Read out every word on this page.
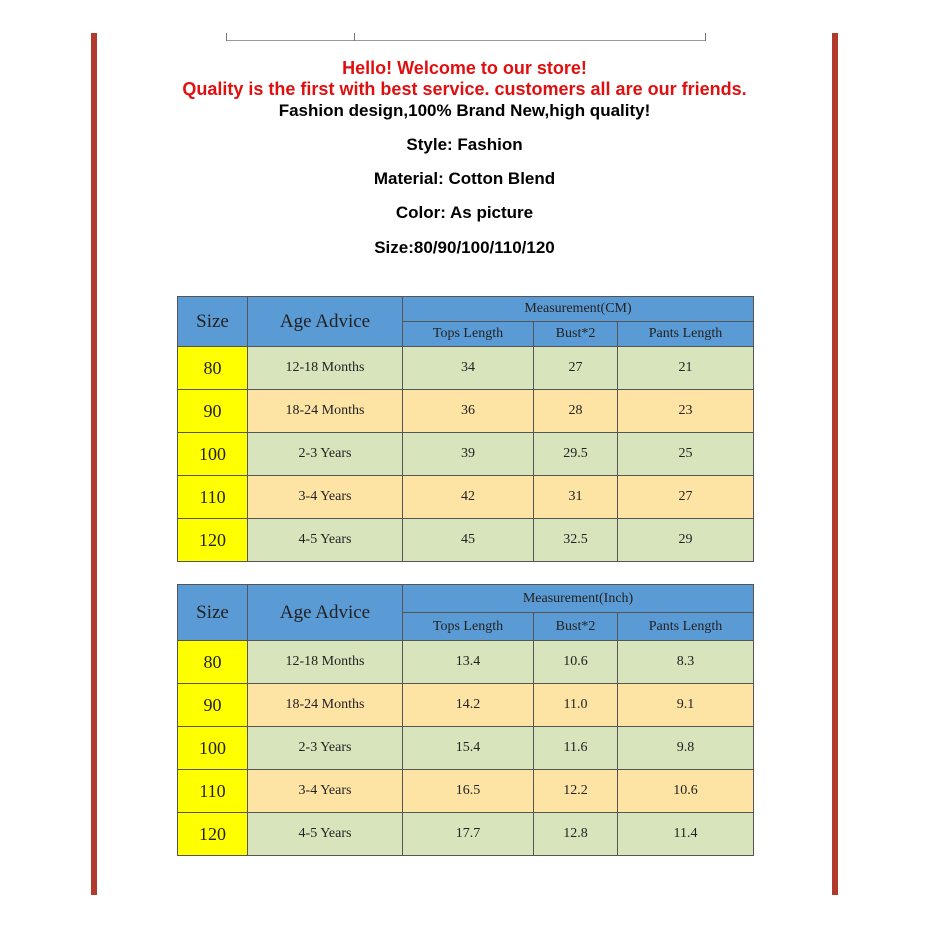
Hello! Welcome to our store!
Quality is the first with best service. customers all are our friends.
Fashion design,100% Brand New,high quality!
Style: Fashion
Material: Cotton Blend
Color: As picture
Size:80/90/100/110/120
Size	Age Advice	Measurement(CM)		
		Tops Length	Bust*2	Pants Length
80	12-18 Months	34	27	21
90	18-24 Months	36	28	23
100	2-3 Years	39	29.5	25
110	3-4 Years	42	31	27
120	4-5 Years	45	32.5	29
Size	Age Advice	Measurement(Inch)		
		Tops Length	Bust*2	Pants Length
80	12-18 Months	13.4	10.6	8.3
90	18-24 Months	14.2	11.0	9.1
100	2-3 Years	15.4	11.6	9.8
110	3-4 Years	16.5	12.2	10.6
120	4-5 Years	17.7	12.8	11.4
